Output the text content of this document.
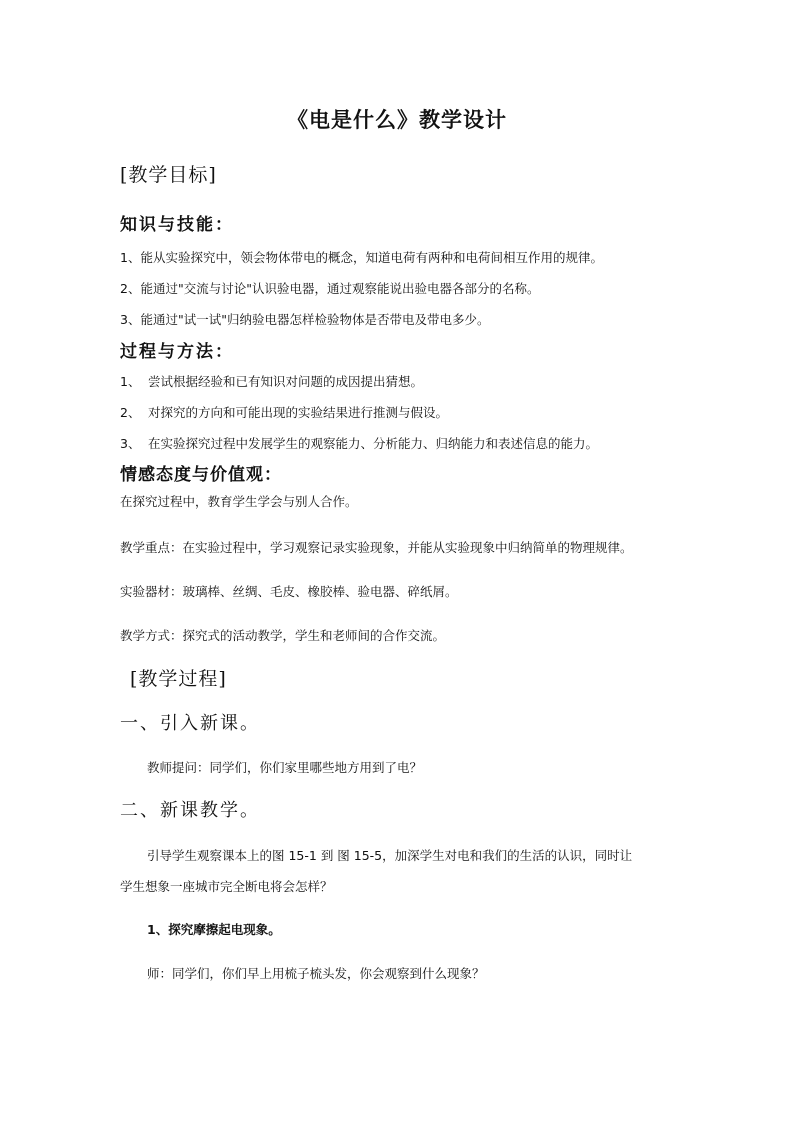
《电是什么》教学设计
[教学目标]
知识与技能：
1、能从实验探究中，领会物体带电的概念，知道电荷有两种和电荷间相互作用的规律。
2、能通过"交流与讨论"认识验电器，通过观察能说出验电器各部分的名称。
3、能通过"试一试"归纳验电器怎样检验物体是否带电及带电多少。
过程与方法：
1、 尝试根据经验和已有知识对问题的成因提出猜想。
2、 对探究的方向和可能出现的实验结果进行推测与假设。
3、 在实验探究过程中发展学生的观察能力、分析能力、归纳能力和表述信息的能力。
情感态度与价值观：
在探究过程中，教育学生学会与别人合作。
教学重点：在实验过程中，学习观察记录实验现象，并能从实验现象中归纳简单的物理规律。
实验器材：玻璃棒、丝绸、毛皮、橡胶棒、验电器、碎纸屑。
教学方式：探究式的活动教学，学生和老师间的合作交流。
[教学过程]
一、引入新课。
教师提问：同学们，你们家里哪些地方用到了电？
二、新课教学。
引导学生观察课本上的图 15-1 到 图 15-5，加深学生对电和我们的生活的认识，同时让
学生想象一座城市完全断电将会怎样？
1、探究摩擦起电现象。
师：同学们，你们早上用梳子梳头发，你会观察到什么现象？
